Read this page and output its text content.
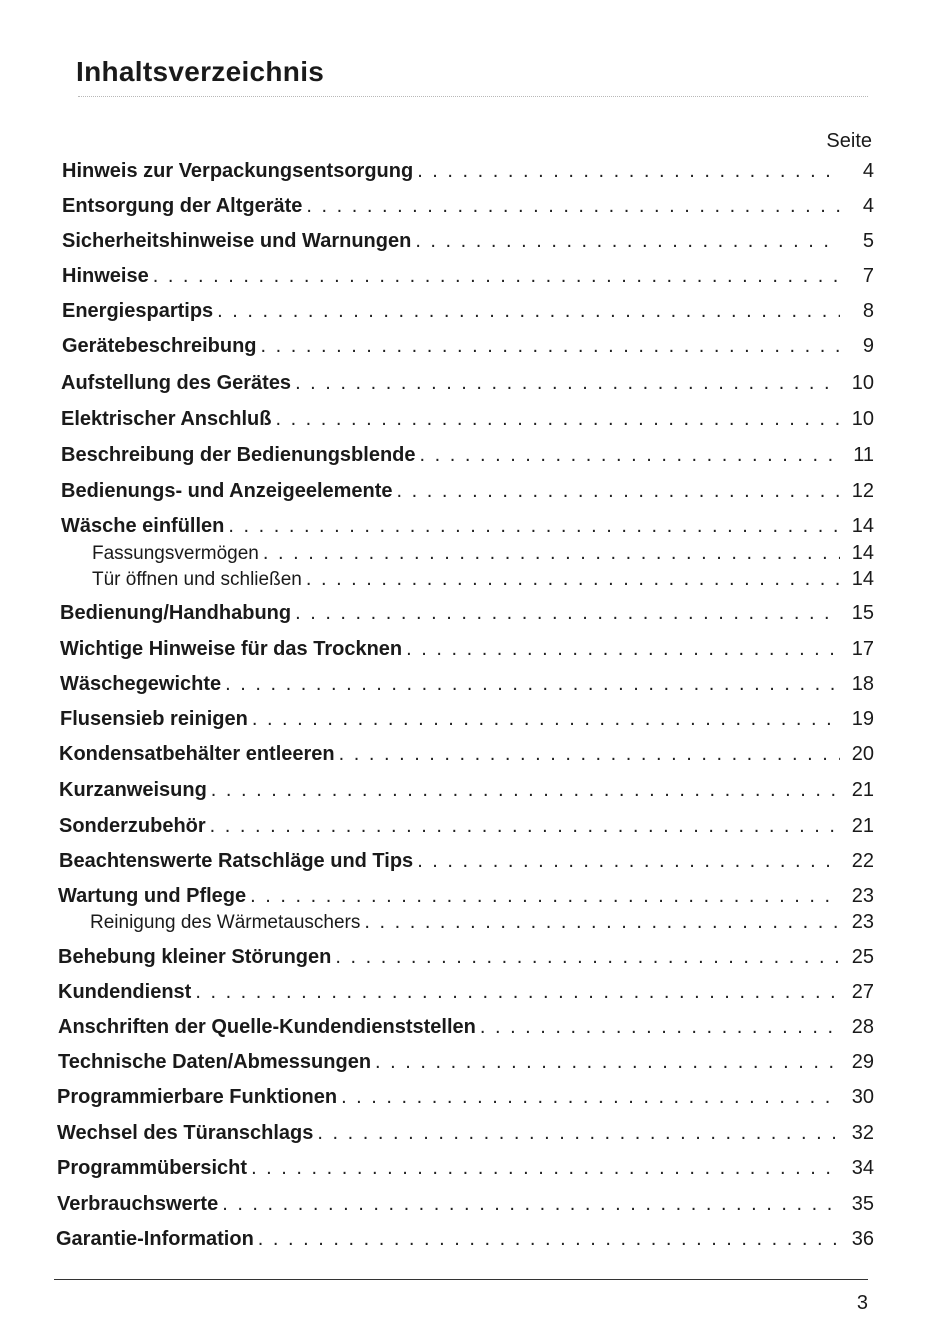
Inhaltsverzeichnis
Seite
Hinweis zur Verpackungsentsorgung . . .	4
Entsorgung der Altgeräte . . .	4
Sicherheitshinweise und Warnungen . . .	5
Hinweise . . .	7
Energiespartips . . .	8
Gerätebeschreibung . . .	9
Aufstellung des Gerätes . . .	10
Elektrischer Anschluß . . .	10
Beschreibung der Bedienungsblende . . .	11
Bedienungs- und Anzeigeelemente . . .	12
Wäsche einfüllen . . .	14
Fassungsvermögen . . .	14
Tür öffnen und schließen . . .	14
Bedienung/Handhabung . . .	15
Wichtige Hinweise für das Trocknen . . .	17
Wäschegewichte . . .	18
Flusensieb reinigen . . .	19
Kondensatbehälter entleeren . . .	20
Kurzanweisung . . .	21
Sonderzubehör . . .	21
Beachtenswerte Ratschläge und Tips . . .	22
Wartung und Pflege . . .	23
Reinigung des Wärmetauschers . . .	23
Behebung kleiner Störungen . . .	25
Kundendienst . . .	27
Anschriften der Quelle-Kundendienststellen . . .	28
Technische Daten/Abmessungen . . .	29
Programmierbare Funktionen . . .	30
Wechsel des Türanschlags . . .	32
Programmübersicht . . .	34
Verbrauchswerte . . .	35
Garantie-Information . . .	36
3
